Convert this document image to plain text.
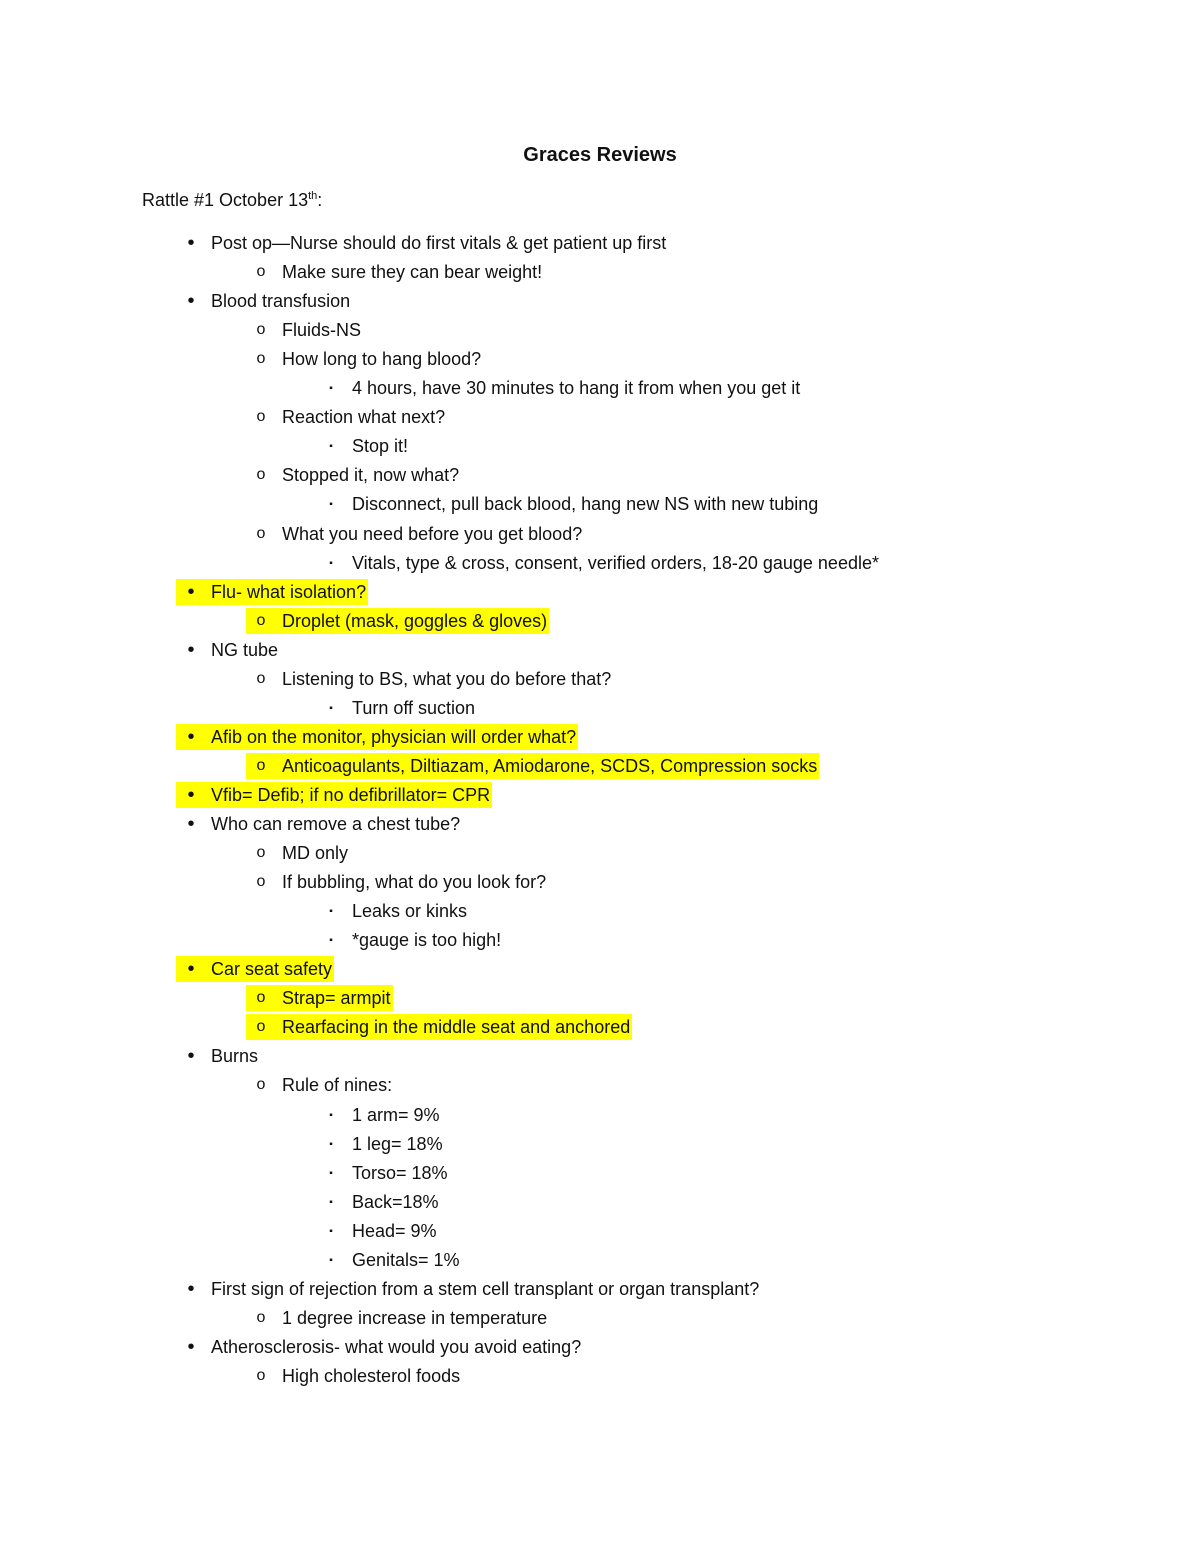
Graces Reviews
Rattle #1 October 13th:
• Post op—Nurse should do first vitals & get patient up first
o Make sure they can bear weight!
• Blood transfusion
o Fluids-NS
o How long to hang blood?
▪	4 hours, have 30 minutes to hang it from when you get it
o Reaction what next?
▪	Stop it!
o Stopped it, now what?
▪	Disconnect, pull back blood, hang new NS with new tubing
o What you need before you get blood?
▪	Vitals, type & cross, consent, verified orders, 18-20 gauge needle*
• Flu- what isolation?
o Droplet (mask, goggles & gloves)
• NG tube
o Listening to BS, what you do before that?
▪	Turn off suction
• Afib on the monitor, physician will order what?
o Anticoagulants, Diltiazam, Amiodarone, SCDS, Compression socks
• Vfib= Defib; if no defibrillator= CPR
• Who can remove a chest tube?
o MD only
o If bubbling, what do you look for?
▪	Leaks or kinks
▪	*gauge is too high!
• Car seat safety
o Strap= armpit
o Rearfacing in the middle seat and anchored
• Burns
o Rule of nines:
▪	1 arm= 9%
▪	1 leg= 18%
▪	Torso= 18%
▪	Back=18%
▪	Head= 9%
▪	Genitals= 1%
• First sign of rejection from a stem cell transplant or organ transplant?
o 1 degree increase in temperature
• Atherosclerosis- what would you avoid eating?
o High cholesterol foods
